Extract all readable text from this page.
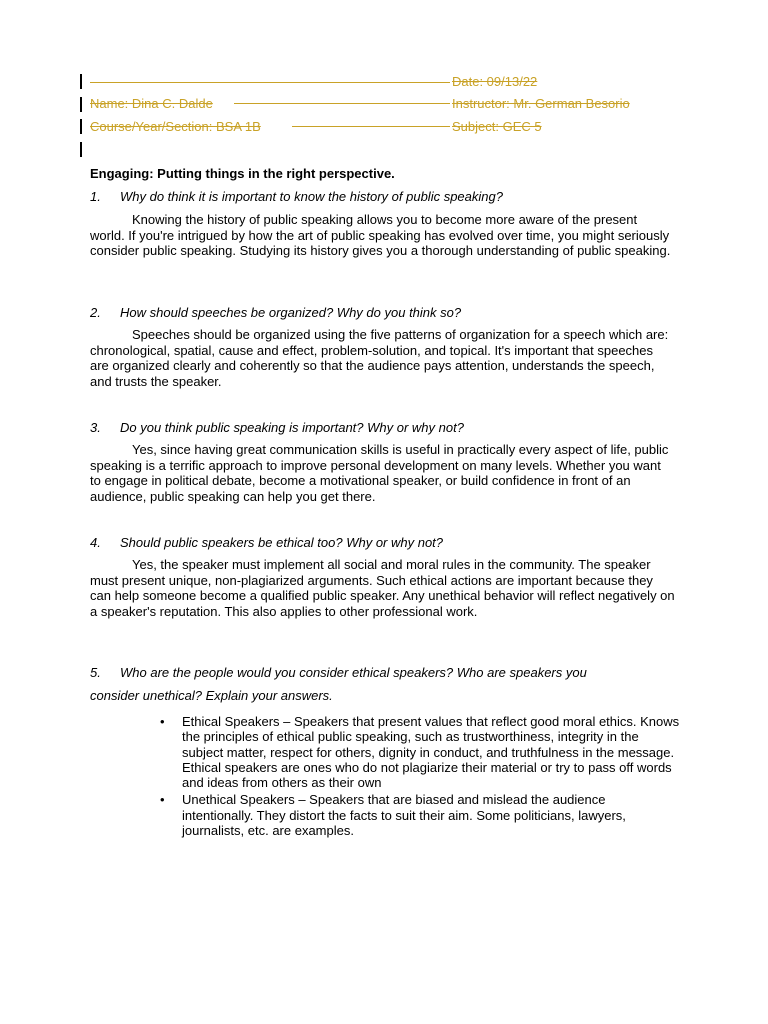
Date: 09/13/22
Name: Dina C. Dalde	Instructor: Mr. German Besorio
Course/Year/Section: BSA 1B	Subject: GEC 5
Engaging: Putting things in the right perspective.
1. Why do think it is important to know the history of public speaking?
Knowing the history of public speaking allows you to become more aware of the present world. If you're intrigued by how the art of public speaking has evolved over time, you might seriously consider public speaking. Studying its history gives you a thorough understanding of public speaking.
2. How should speeches be organized? Why do you think so?
Speeches should be organized using the five patterns of organization for a speech which are: chronological, spatial, cause and effect, problem-solution, and topical. It's important that speeches are organized clearly and coherently so that the audience pays attention, understands the speech, and trusts the speaker.
3. Do you think public speaking is important? Why or why not?
Yes, since having great communication skills is useful in practically every aspect of life, public speaking is a terrific approach to improve personal development on many levels. Whether you want to engage in political debate, become a motivational speaker, or build confidence in front of an audience, public speaking can help you get there.
4. Should public speakers be ethical too? Why or why not?
Yes, the speaker must implement all social and moral rules in the community. The speaker must present unique, non-plagiarized arguments. Such ethical actions are important because they can help someone become a qualified public speaker. Any unethical behavior will reflect negatively on a speaker's reputation. This also applies to other professional work.
5. Who are the people would you consider ethical speakers? Who are speakers you
consider unethical? Explain your answers.
• Ethical Speakers – Speakers that present values that reflect good moral ethics. Knows the principles of ethical public speaking, such as trustworthiness, integrity in the subject matter, respect for others, dignity in conduct, and truthfulness in the message. Ethical speakers are ones who do not plagiarize their material or try to pass off words and ideas from others as their own
• Unethical Speakers – Speakers that are biased and mislead the audience intentionally. They distort the facts to suit their aim. Some politicians, lawyers, journalists, etc. are examples.
